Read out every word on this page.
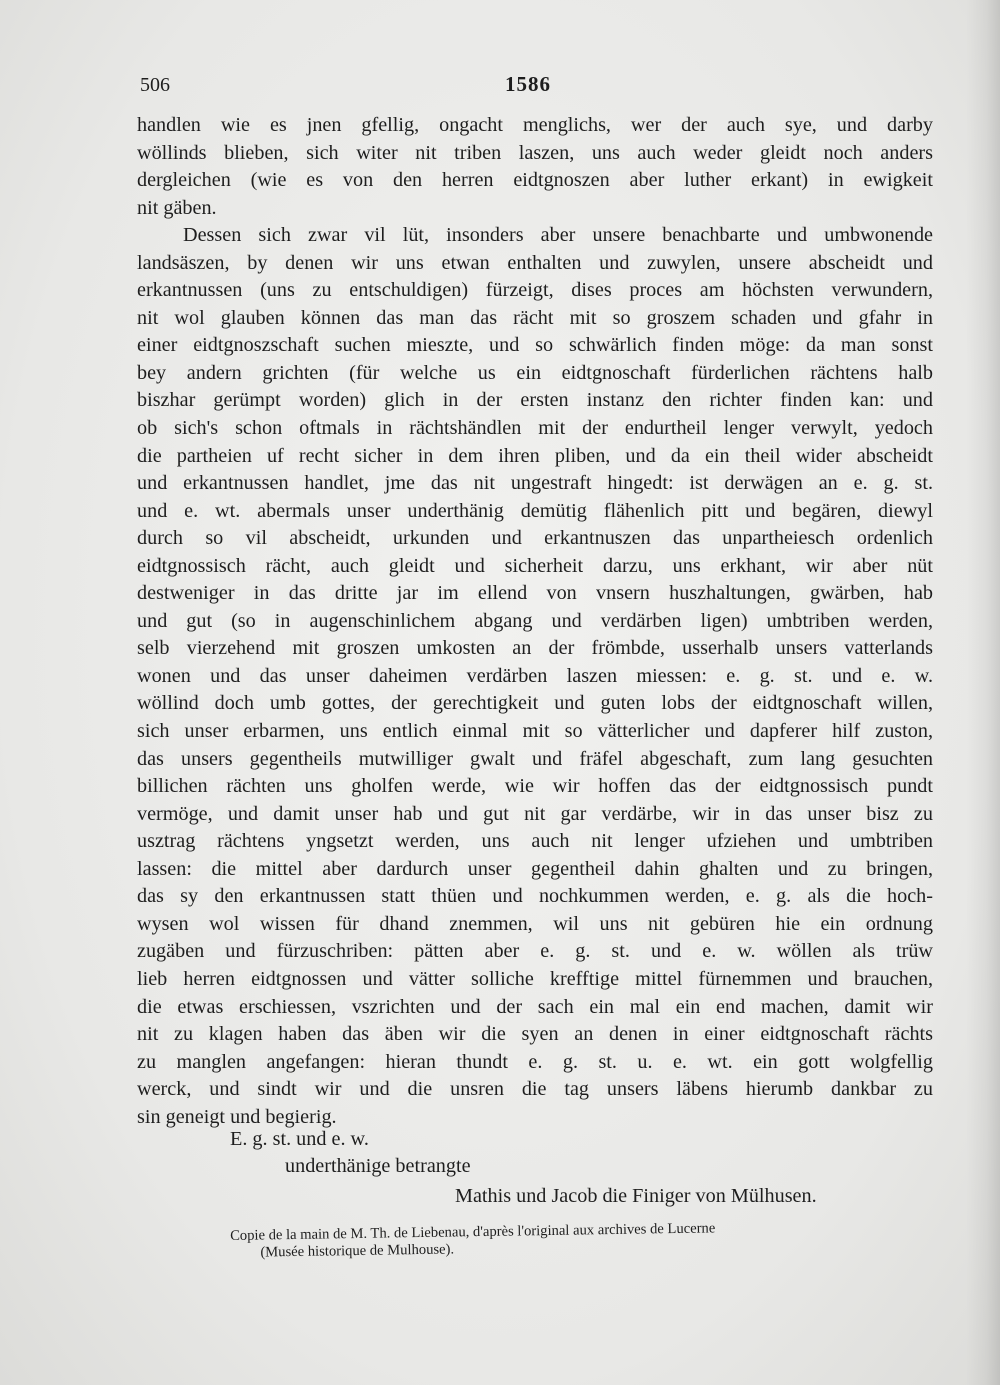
506	1586
handlen wie es jnen gfellig, ongacht menglichs, wer der auch sye, und darby
wöllinds blieben, sich witer nit triben laszen, uns auch weder gleidt noch anders
dergleichen (wie es von den herren eidtgnoszen aber luther erkant) in ewigkeit
nit gäben.
Dessen sich zwar vil lüt, insonders aber unsere benachbarte und umbwonende
landsäszen, by denen wir uns etwan enthalten und zuwylen, unsere abscheidt und
erkantnussen (uns zu entschuldigen) fürzeigt, dises proces am höchsten verwundern,
nit wol glauben können das man das rächt mit so groszem schaden und gfahr in
einer eidtgnoszschaft suchen mieszte, und so schwärlich finden möge: da man sonst
bey andern grichten (für welche us ein eidtgnoschaft fürderlichen rächtens halb
biszhar gerümpt worden) glich in der ersten instanz den richter finden kan: und
ob sich's schon oftmals in rächtshändlen mit der endurtheil lenger verwylt, yedoch
die partheien uf recht sicher in dem ihren pliben, und da ein theil wider abscheidt
und erkantnussen handlet, jme das nit ungestraft hingedt: ist derwägen an e. g. st.
und e. wt. abermals unser underthänig demütig flähenlich pitt und begären, diewyl
durch so vil abscheidt, urkunden und erkantnuszen das unpartheiesch ordenlich
eidtgnossisch rächt, auch gleidt und sicherheit darzu, uns erkhant, wir aber nüt
destweniger in das dritte jar im ellend von vnsern huszhaltungen, gwärben, hab
und gut (so in augenschinlichem abgang und verdärben ligen) umbtriben werden,
selb vierzehend mit groszen umkosten an der frömbde, usserhalb unsers vatterlands
wonen und das unser daheimen verdärben laszen miessen: e. g. st. und e. w.
wöllind doch umb gottes, der gerechtigkeit und guten lobs der eidtgnoschaft willen,
sich unser erbarmen, uns entlich einmal mit so vätterlicher und dapferer hilf zuston,
das unsers gegentheils mutwilliger gwalt und fräfel abgeschaft, zum lang gesuchten
billichen rächten uns gholfen werde, wie wir hoffen das der eidtgnossisch pundt
vermöge, und damit unser hab und gut nit gar verdärbe, wir in das unser bisz zu
usztrag rächtens yngsetzt werden, uns auch nit lenger ufziehen und umbtriben
lassen: die mittel aber dardurch unser gegentheil dahin ghalten und zu bringen,
das sy den erkantnussen statt thüen und nochkummen werden, e. g. als die hoch-
wysen wol wissen für dhand znemmen, wil uns nit gebüren hie ein ordnung
zugäben und fürzuschriben: pätten aber e. g. st. und e. w. wöllen als trüw
lieb herren eidtgnossen und vätter solliche krefftige mittel fürnemmen und brauchen,
die etwas erschiessen, vszrichten und der sach ein mal ein end machen, damit wir
nit zu klagen haben das äben wir die syen an denen in einer eidtgnoschaft rächts
zu manglen angefangen: hieran thundt e. g. st. u. e. wt. ein gott wolgfellig
werck, und sindt wir und die unsren die tag unsers läbens hierumb dankbar zu
sin geneigt und begierig.
E. g. st. und e. w.
underthänige betrangte
Mathis und Jacob die Finiger von Mülhusen.
Copie de la main de M. Th. de Liebenau, d'après l'original aux archives de Lucerne
(Musée historique de Mulhouse).
